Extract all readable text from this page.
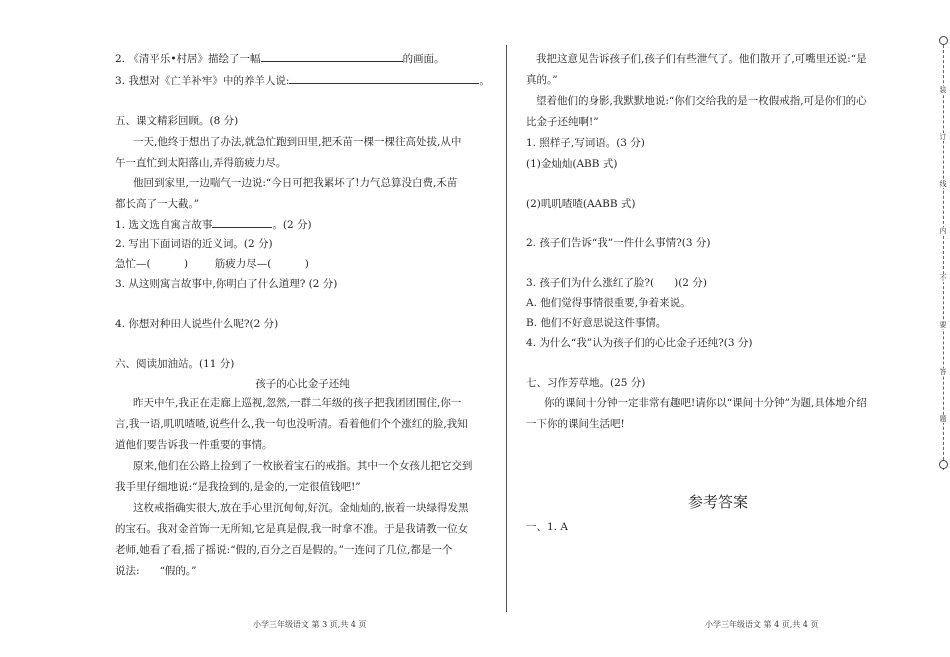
2. 《清平乐•村居》描绘了一幅	的画面。
3. 我想对《亡羊补牢》中的养羊人说:	。
五、课文精彩回顾。(8 分)
一天,他终于想出了办法,就急忙跑到田里,把禾苗一棵一棵往高处拔,从中
午一直忙到太阳落山,弄得筋疲力尽。
他回到家里,一边喘气一边说:“今日可把我累坏了!力气总算没白费,禾苗
都长高了一大截。”
1. 选文选自寓言故事	。(2 分)
2. 写出下面词语的近义词。(2 分)
急忙—(          )        筋疲力尽—(          )
3. 从这则寓言故事中,你明白了什么道理? (2 分)
4. 你想对种田人说些什么呢?(2 分)
六、阅读加油站。(11 分)
孩子的心比金子还纯
昨天中午,我正在走廊上巡视,忽然,一群二年级的孩子把我团团围住,你一
言,我一语,叽叽喳喳,说些什么,我一句也没听清。看着他们个个涨红的脸,我知
道他们要告诉我一件重要的事情。
原来,他们在公路上捡到了一枚嵌着宝石的戒指。其中一个女孩儿把它交到
我手里仔细地说:“是我捡到的,是金的,一定很值钱吧!”
这枚戒指确实很大,放在手心里沉甸甸,好沉。金灿灿的,嵌着一块绿得发黑
的宝石。我对金首饰一无所知,它是真是假,我一时拿不准。于是我请教一位女
老师,她看了看,摇了摇说:“假的,百分之百是假的。”一连问了几位,都是一个
说法:      “假的。”
小学三年级语文 第 3 页,共 4 页
我把这意见告诉孩子们,孩子们有些泄气了。他们散开了,可嘴里还说:“是
真的。”
望着他们的身影,我默默地说:“你们交给我的是一枚假戒指,可是你们的心
比金子还纯啊!”
1. 照样子,写词语。(3 分)
(1)金灿灿(ABB 式)
(2)叽叽喳喳(AABB 式)
2. 孩子们告诉“我”一件什么事情?(3 分)
3. 孩子们为什么涨红了脸?(      )(2 分)
A. 他们觉得事情很重要,争着来说。
B. 他们不好意思说这件事情。
4. 为什么“我”认为孩子们的心比金子还纯?(3 分)
七、习作芳草地。(25 分)
你的课间十分钟一定非常有趣吧!请你以“课间十分钟”为题,具体地介绍
一下你的课间生活吧!
参考答案
一、1. A
小学三年级语文 第 4 页,共 4 页
装
订
线
内
不
要
答
题
